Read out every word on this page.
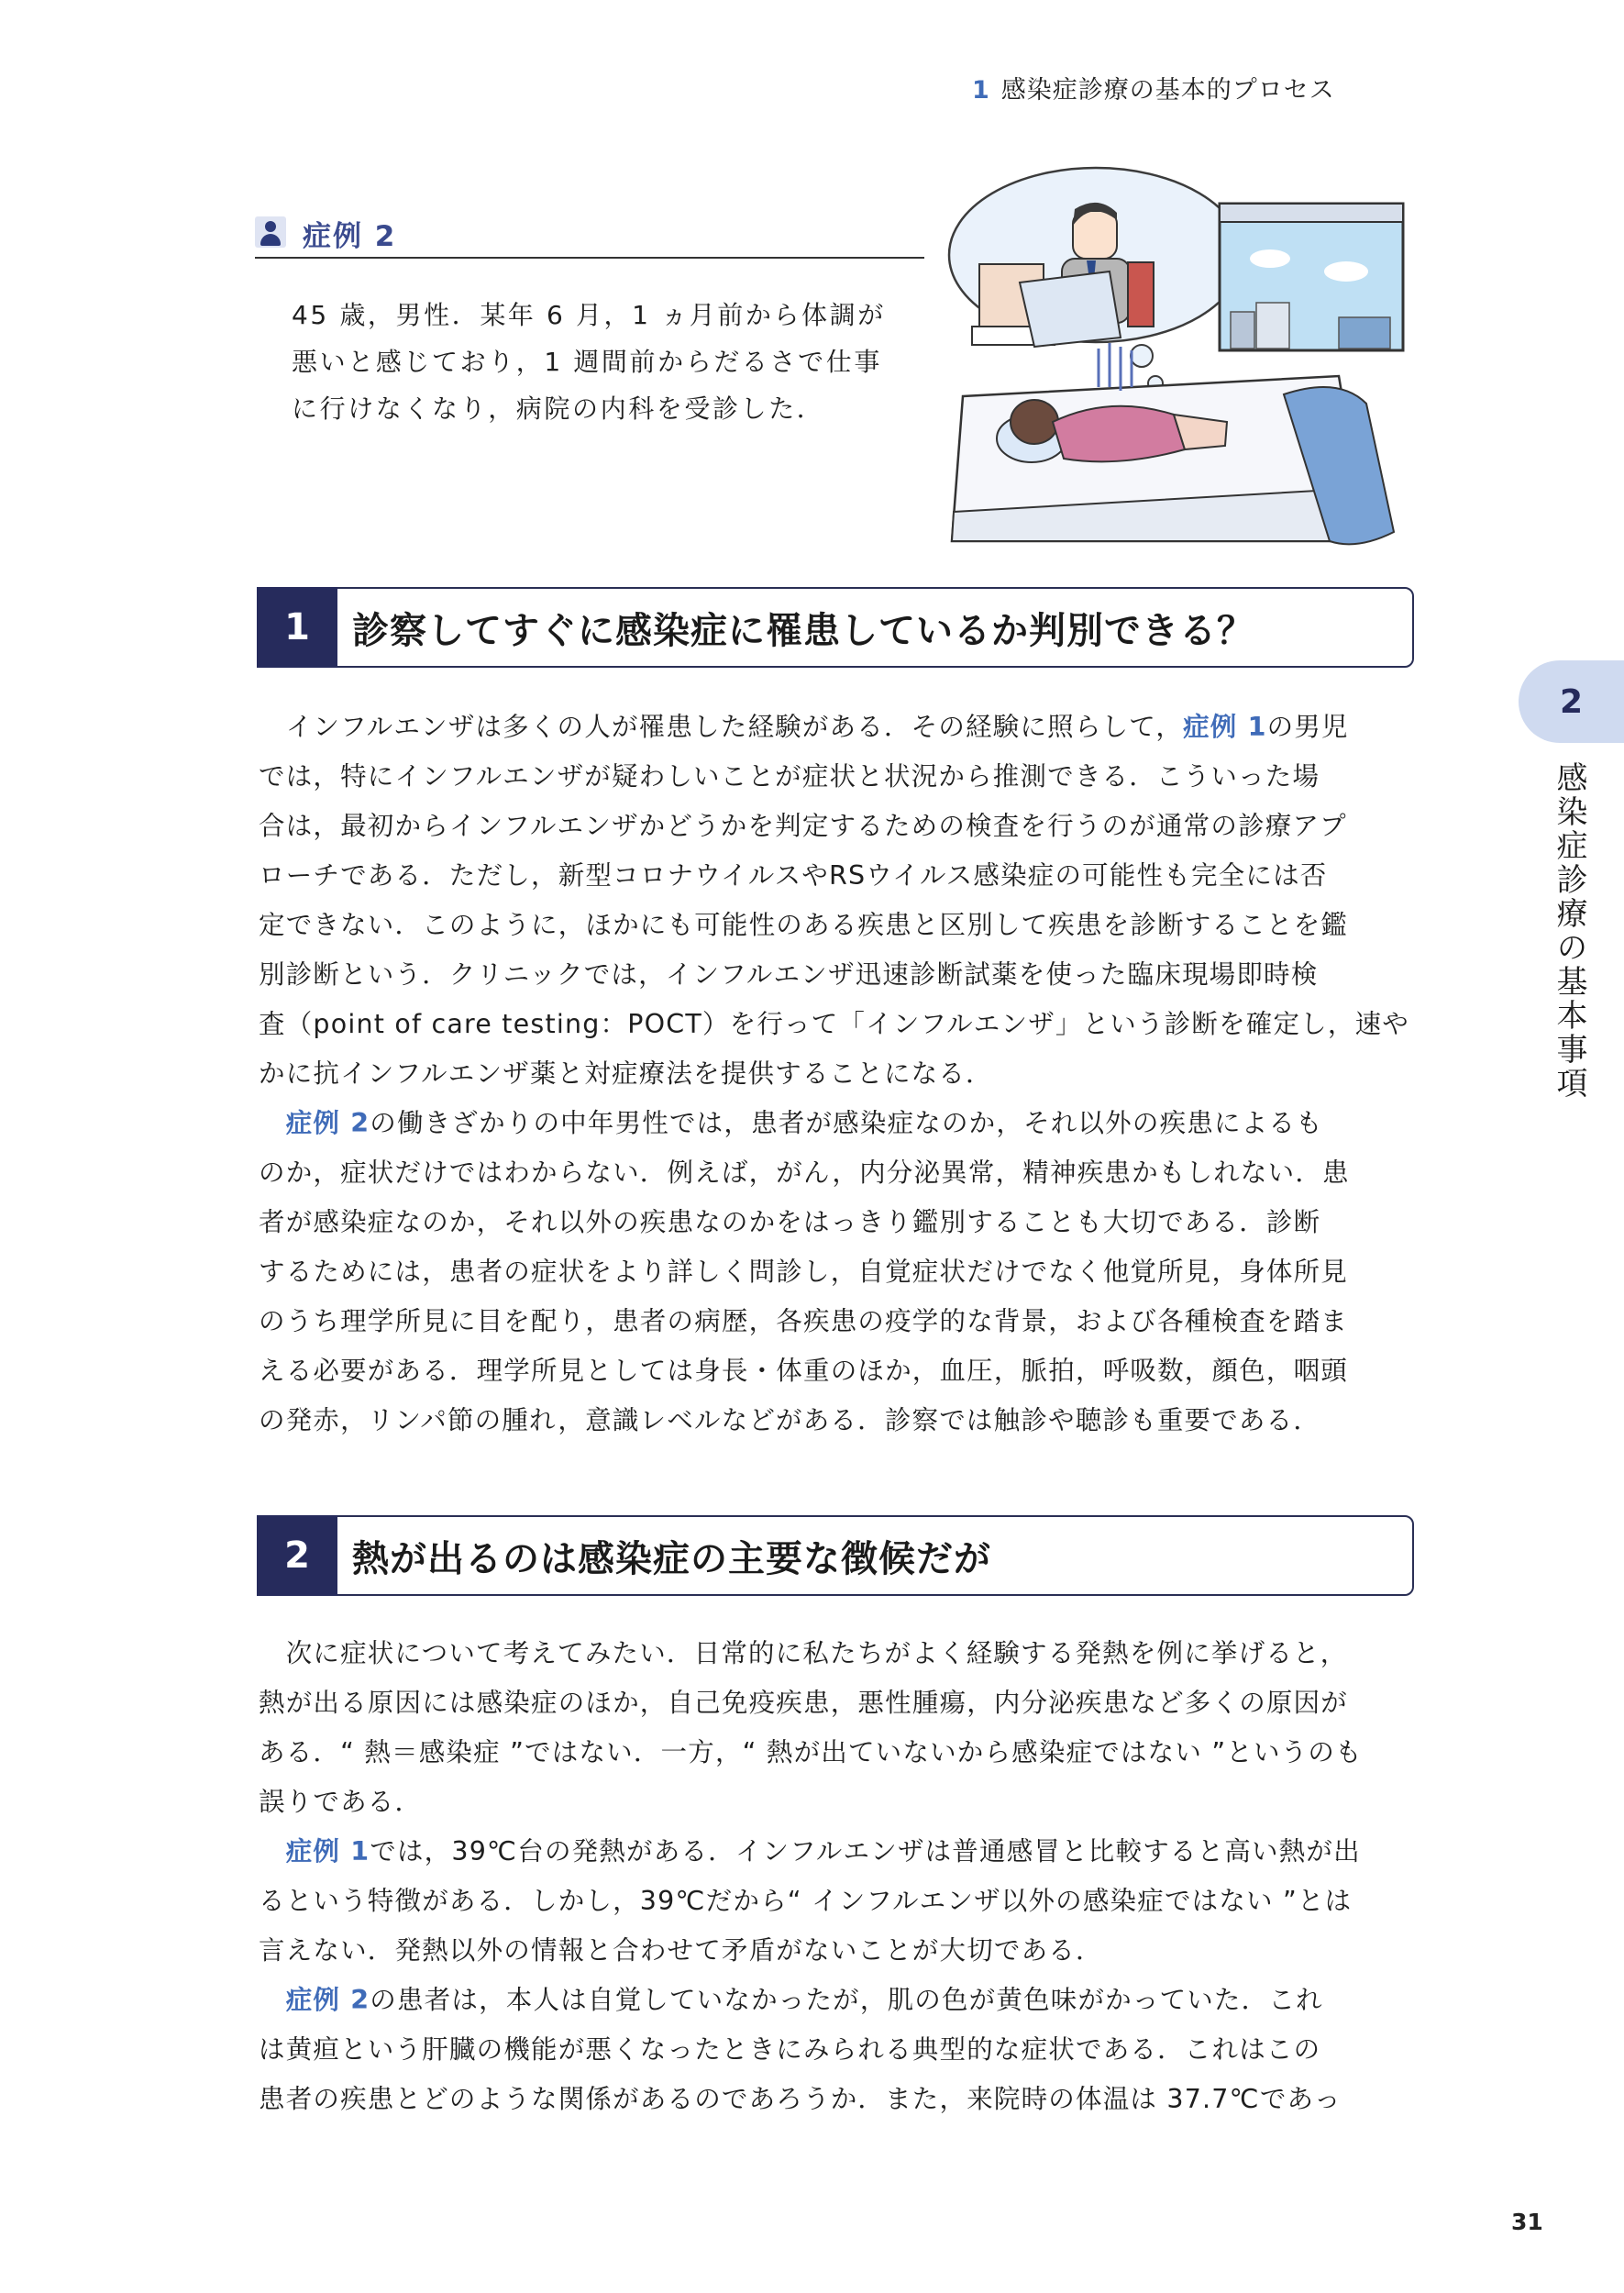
1 感染症診療の基本的プロセス
症例 2

45 歳，男性．某年 6 月，1 ヵ月前から体調が

悪いと感じており，1 週間前からだるさで仕事

に行けなくなり，病院の内科を受診した．

1	診察してすぐに感染症に罹患しているか判別できる？

　インフルエンザは多くの人が罹患した経験がある．その経験に照らして，症例 1の男児

では，特にインフルエンザが疑わしいことが症状と状況から推測できる．こういった場

合は，最初からインフルエンザかどうかを判定するための検査を行うのが通常の診療アプ

ローチである．ただし，新型コロナウイルスやRSウイルス感染症の可能性も完全には否

定できない．このように，ほかにも可能性のある疾患と区別して疾患を診断することを鑑

別診断という．クリニックでは，インフルエンザ迅速診断試薬を使った臨床現場即時検

査（point of care testing：POCT）を行って「インフルエンザ」という診断を確定し，速や

かに抗インフルエンザ薬と対症療法を提供することになる．

　症例 2の働きざかりの中年男性では，患者が感染症なのか，それ以外の疾患によるも

のか，症状だけではわからない．例えば，がん，内分泌異常，精神疾患かもしれない．患

者が感染症なのか，それ以外の疾患なのかをはっきり鑑別することも大切である．診断

するためには，患者の症状をより詳しく問診し，自覚症状だけでなく他覚所見，身体所見

のうち理学所見に目を配り，患者の病歴，各疾患の疫学的な背景，および各種検査を踏ま

える必要がある．理学所見としては身長・体重のほか，血圧，脈拍，呼吸数，顔色，咽頭

の発赤，リンパ節の腫れ，意識レベルなどがある．診察では触診や聴診も重要である．

2	熱が出るのは感染症の主要な徴候だが

　次に症状について考えてみたい．日常的に私たちがよく経験する発熱を例に挙げると，

熱が出る原因には感染症のほか，自己免疫疾患，悪性腫瘍，内分泌疾患など多くの原因が

ある．“ 熱＝感染症 ”ではない．一方，“ 熱が出ていないから感染症ではない ”というのも

誤りである．

　症例 1では，39℃台の発熱がある．インフルエンザは普通感冒と比較すると高い熱が出

るという特徴がある．しかし，39℃だから“ インフルエンザ以外の感染症ではない ”とは

言えない．発熱以外の情報と合わせて矛盾がないことが大切である．

　症例 2の患者は，本人は自覚していなかったが，肌の色が黄色味がかっていた．これ

は黄疸という肝臓の機能が悪くなったときにみられる典型的な症状である．これはこの

患者の疾患とどのような関係があるのであろうか．また，来院時の体温は 37.7℃であっ

2
感染症診療の基本事項
31
